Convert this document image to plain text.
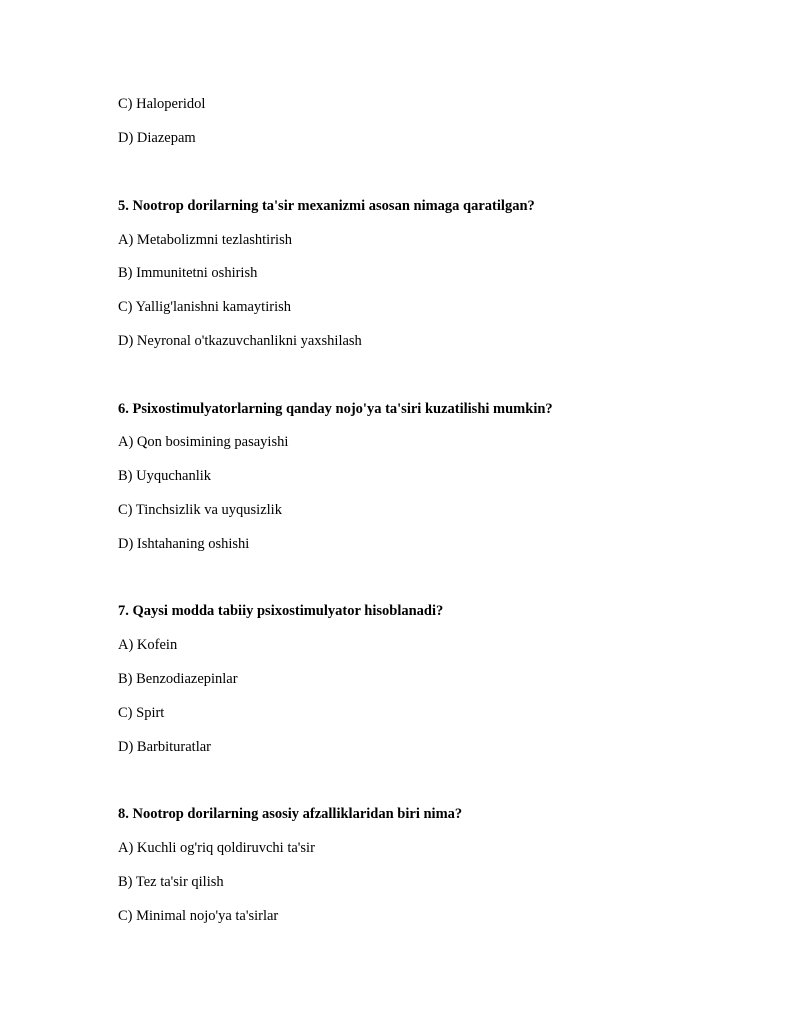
C) Haloperidol
D) Diazepam
5. Nootrop dorilarning ta'sir mexanizmi asosan nimaga qaratilgan?
A) Metabolizmni tezlashtirish
B) Immunitetni oshirish
C) Yallig'lanishni kamaytirish
D) Neyronal o'tkazuvchanlikni yaxshilash
6. Psixostimulyatorlarning qanday nojo'ya ta'siri kuzatilishi mumkin?
A) Qon bosimining pasayishi
B) Uyquchanlik
C) Tinchsizlik va uyqusizlik
D) Ishtahaning oshishi
7. Qaysi modda tabiiy psixostimulyator hisoblanadi?
A) Kofein
B) Benzodiazepinlar
C) Spirt
D) Barbituratlar
8. Nootrop dorilarning asosiy afzalliklaridan biri nima?
A) Kuchli og'riq qoldiruvchi ta'sir
B) Tez ta'sir qilish
C) Minimal nojo'ya ta'sirlar
